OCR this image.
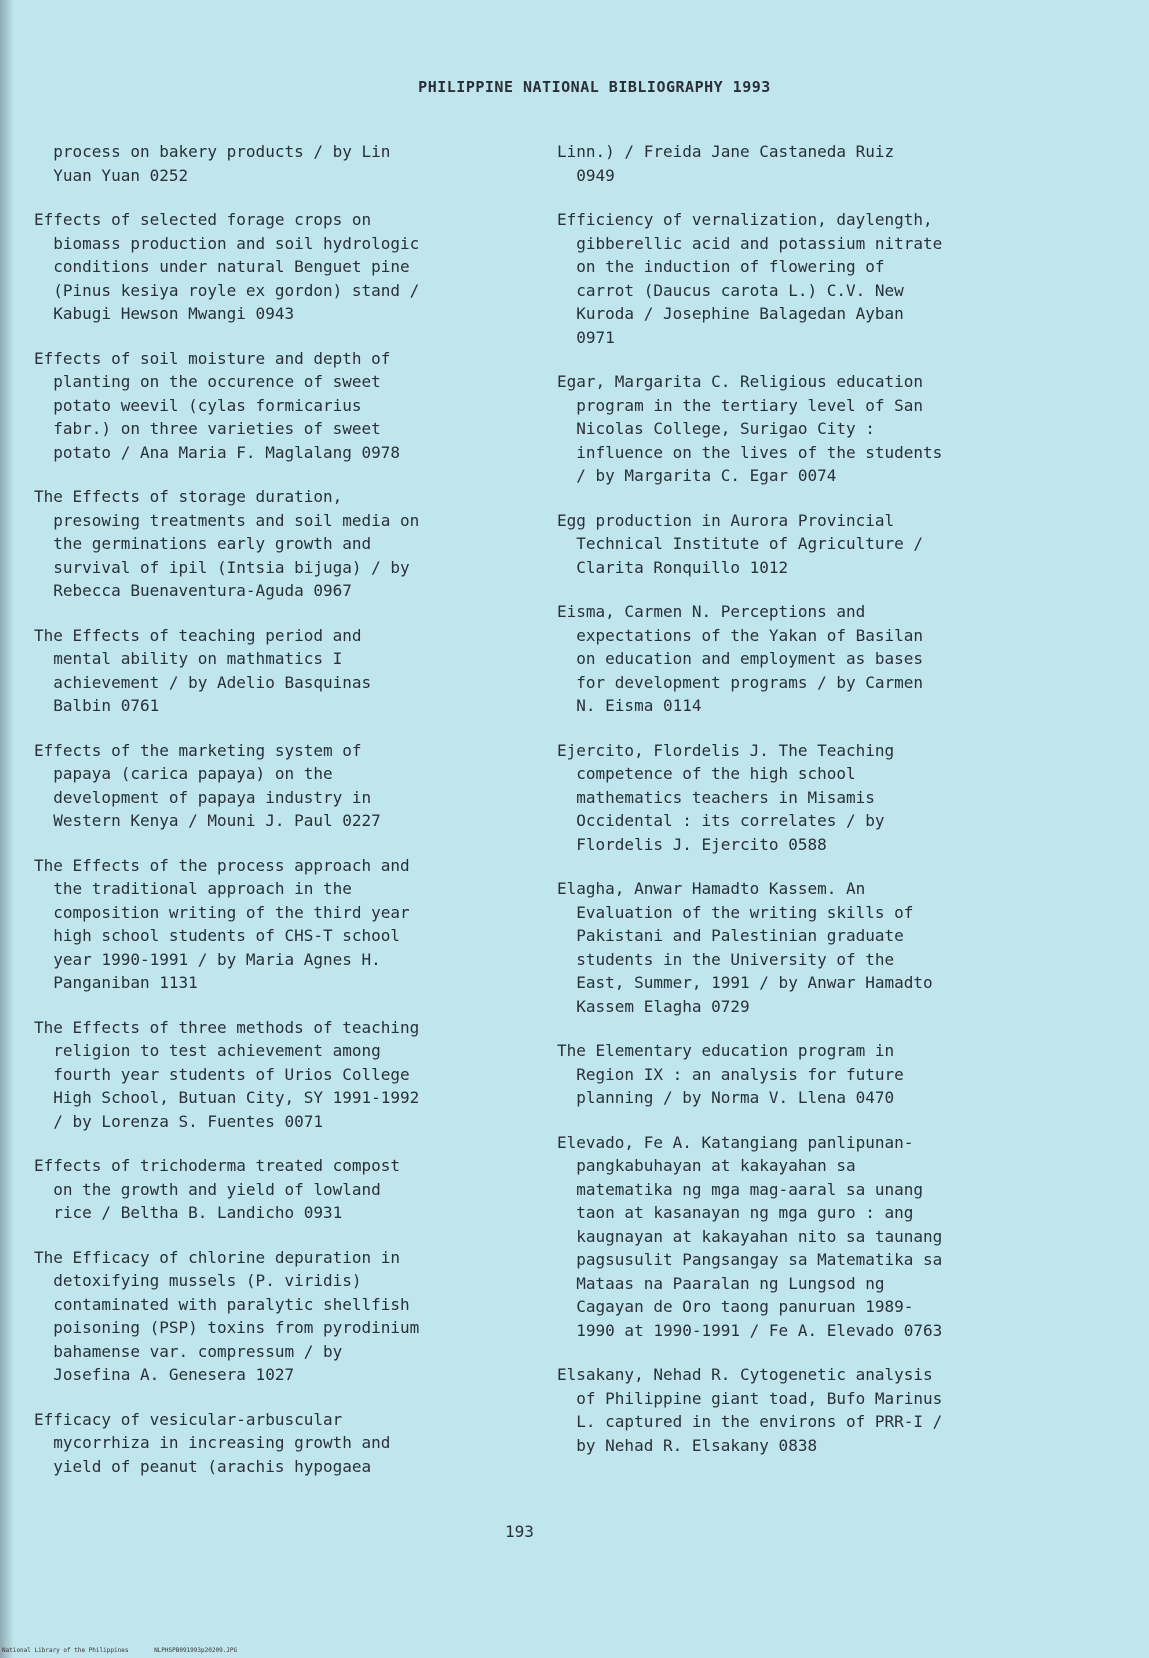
PHILIPPINE NATIONAL BIBLIOGRAPHY 1993
process on bakery products / by Lin
Yuan Yuan 0252
Effects of selected forage crops on
biomass production and soil hydrologic
conditions under natural Benguet pine
(Pinus kesiya royle ex gordon) stand /
Kabugi Hewson Mwangi 0943
Effects of soil moisture and depth of
planting on the occurence of sweet
potato weevil (cylas formicarius
fabr.) on three varieties of sweet
potato / Ana Maria F. Maglalang 0978
The Effects of storage duration,
presowing treatments and soil media on
the germinations early growth and
survival of ipil (Intsia bijuga) / by
Rebecca Buenaventura-Aguda 0967
The Effects of teaching period and
mental ability on mathmatics I
achievement / by Adelio Basquinas
Balbin 0761
Effects of the marketing system of
papaya (carica papaya) on the
development of papaya industry in
Western Kenya / Mouni J. Paul 0227
The Effects of the process approach and
the traditional approach in the
composition writing of the third year
high school students of CHS-T school
year 1990-1991 / by Maria Agnes H.
Panganiban 1131
The Effects of three methods of teaching
religion to test achievement among
fourth year students of Urios College
High School, Butuan City, SY 1991-1992
/ by Lorenza S. Fuentes 0071
Effects of trichoderma treated compost
on the growth and yield of lowland
rice / Beltha B. Landicho 0931
The Efficacy of chlorine depuration in
detoxifying mussels (P. viridis)
contaminated with paralytic shellfish
poisoning (PSP) toxins from pyrodinium
bahamense var. compressum / by
Josefina A. Genesera 1027
Efficacy of vesicular-arbuscular
mycorrhiza in increasing growth and
yield of peanut (arachis hypogaea
Linn.) / Freida Jane Castaneda Ruiz
0949
Efficiency of vernalization, daylength,
gibberellic acid and potassium nitrate
on the induction of flowering of
carrot (Daucus carota L.) C.V. New
Kuroda / Josephine Balagedan Ayban
0971
Egar, Margarita C. Religious education
program in the tertiary level of San
Nicolas College, Surigao City :
influence on the lives of the students
/ by Margarita C. Egar 0074
Egg production in Aurora Provincial
Technical Institute of Agriculture /
Clarita Ronquillo 1012
Eisma, Carmen N. Perceptions and
expectations of the Yakan of Basilan
on education and employment as bases
for development programs / by Carmen
N. Eisma 0114
Ejercito, Flordelis J. The Teaching
competence of the high school
mathematics teachers in Misamis
Occidental : its correlates / by
Flordelis J. Ejercito 0588
Elagha, Anwar Hamadto Kassem. An
Evaluation of the writing skills of
Pakistani and Palestinian graduate
students in the University of the
East, Summer, 1991 / by Anwar Hamadto
Kassem Elagha 0729
The Elementary education program in
Region IX : an analysis for future
planning / by Norma V. Llena 0470
Elevado, Fe A. Katangiang panlipunan-
pangkabuhayan at kakayahan sa
matematika ng mga mag-aaral sa unang
taon at kasanayan ng mga guro : ang
kaugnayan at kakayahan nito sa taunang
pagsusulit Pangsangay sa Matematika sa
Mataas na Paaralan ng Lungsod ng
Cagayan de Oro taong panuruan 1989-
1990 at 1990-1991 / Fe A. Elevado 0763
Elsakany, Nehad R. Cytogenetic analysis
of Philippine giant toad, Bufo Marinus
L. captured in the environs of PRR-I /
by Nehad R. Elsakany 0838
193
National Library of the Philippines	NLPHSPB091993p20209.JPG
